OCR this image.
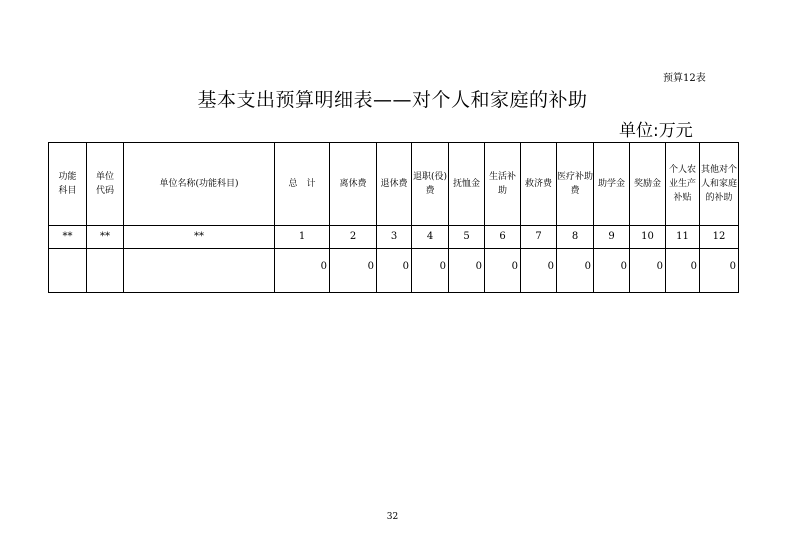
预算12表
基本支出预算明细表——对个人和家庭的补助
单位:万元
功能科目	单位代码	单位名称(功能科目)	总　计	离休费	退休费	退职(役)费	抚恤金	生活补助	救济费	医疗补助费	助学金	奖励金	个人农业生产补贴	其他对个人和家庭的补助
**	**	**	1	2	3	4	5	6	7	8	9	10	11	12
			0	0	0	0	0	0	0	0	0	0	0	0
32
